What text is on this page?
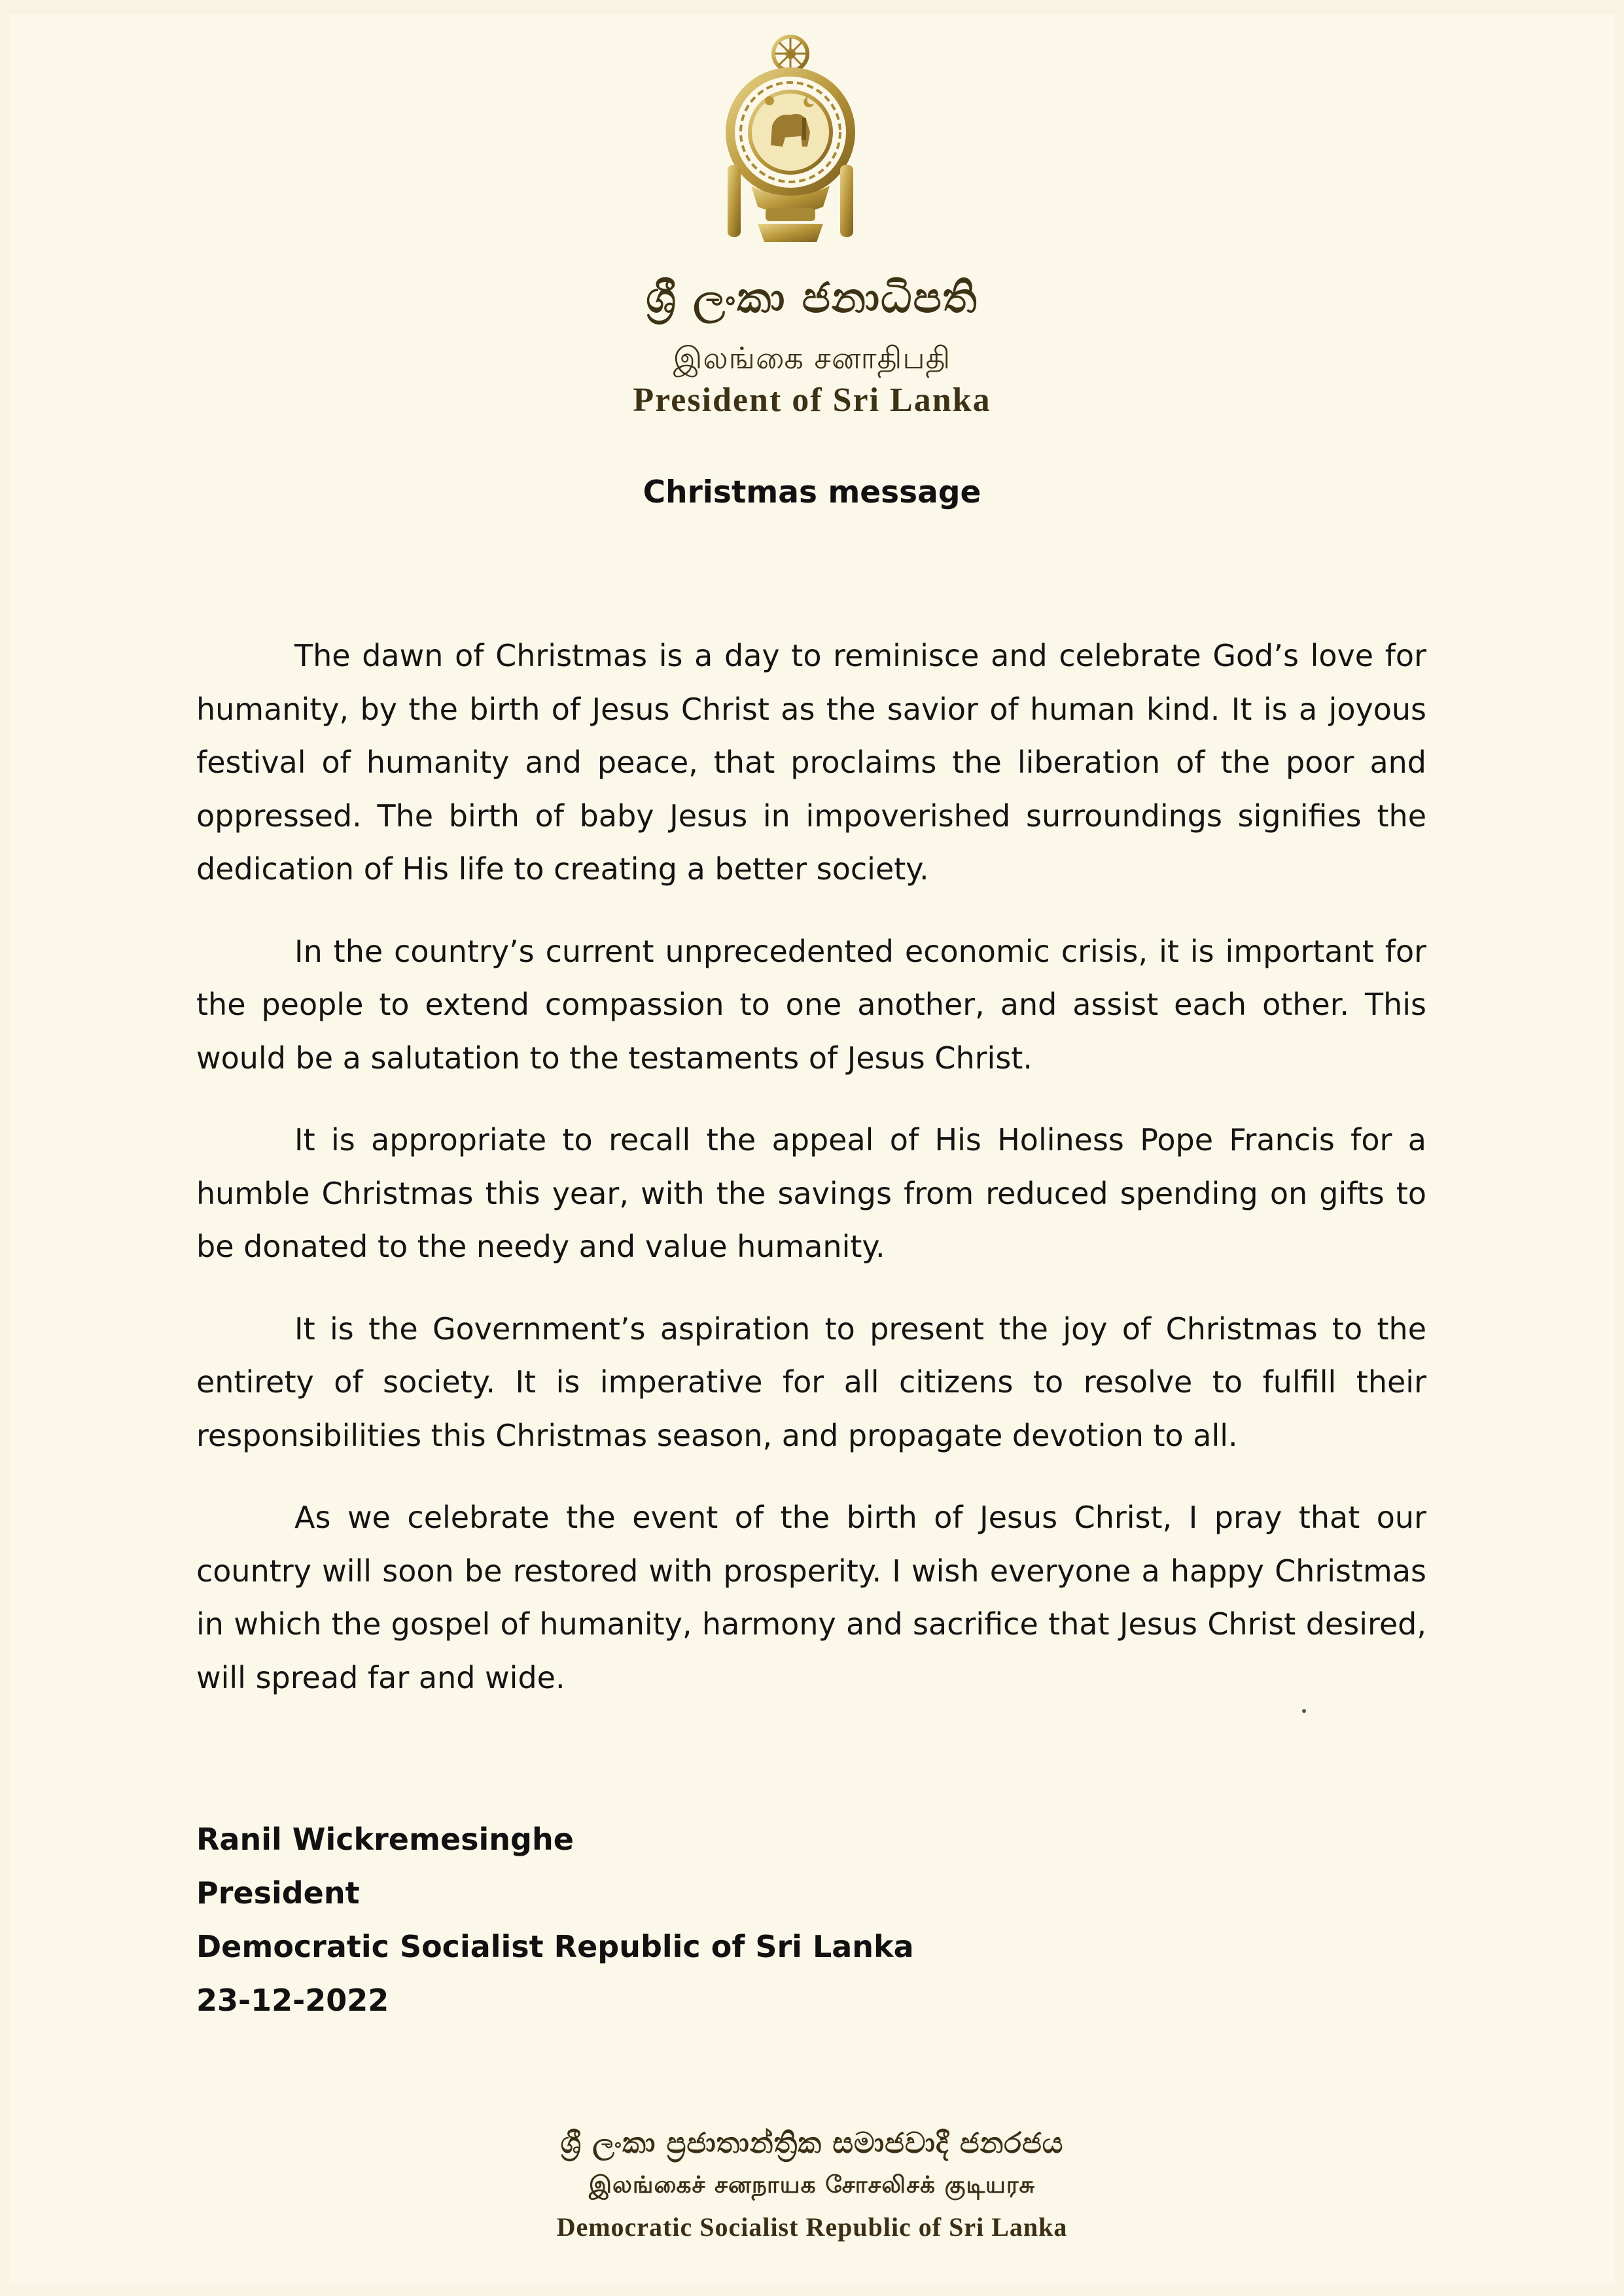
ශ්‍රී ලංකා ජනාධිපති
இலங்கை சனாதிபதி
President of Sri Lanka
Christmas message

The dawn of Christmas is a day to reminisce and celebrate God’s love for humanity, by the birth of Jesus Christ as the savior of human kind. It is a joyous festival of humanity and peace, that proclaims the liberation of the poor and oppressed. The birth of baby Jesus in impoverished surroundings signifies the dedication of His life to creating a better society.

In the country’s current unprecedented economic crisis, it is important for the people to extend compassion to one another, and assist each other. This would be a salutation to the testaments of Jesus Christ.

It is appropriate to recall the appeal of His Holiness Pope Francis for a humble Christmas this year, with the savings from reduced spending on gifts to be donated to the needy and value humanity.

It is the Government’s aspiration to present the joy of Christmas to the entirety of society. It is imperative for all citizens to resolve to fulfill their responsibilities this Christmas season, and propagate devotion to all.

As we celebrate the event of the birth of Jesus Christ, I pray that our country will soon be restored with prosperity. I wish everyone a happy Christmas in which the gospel of humanity, harmony and sacrifice that Jesus Christ desired, will spread far and wide.

Ranil Wickremesinghe
President
Democratic Socialist Republic of Sri Lanka
23-12-2022
ශ්‍රී ලංකා ප්‍රජාතාන්ත්‍රික සමාජවාදී ජනරජය
இலங்கைச் சனநாயக சோசலிசக் குடியரசு
Democratic Socialist Republic of Sri Lanka
